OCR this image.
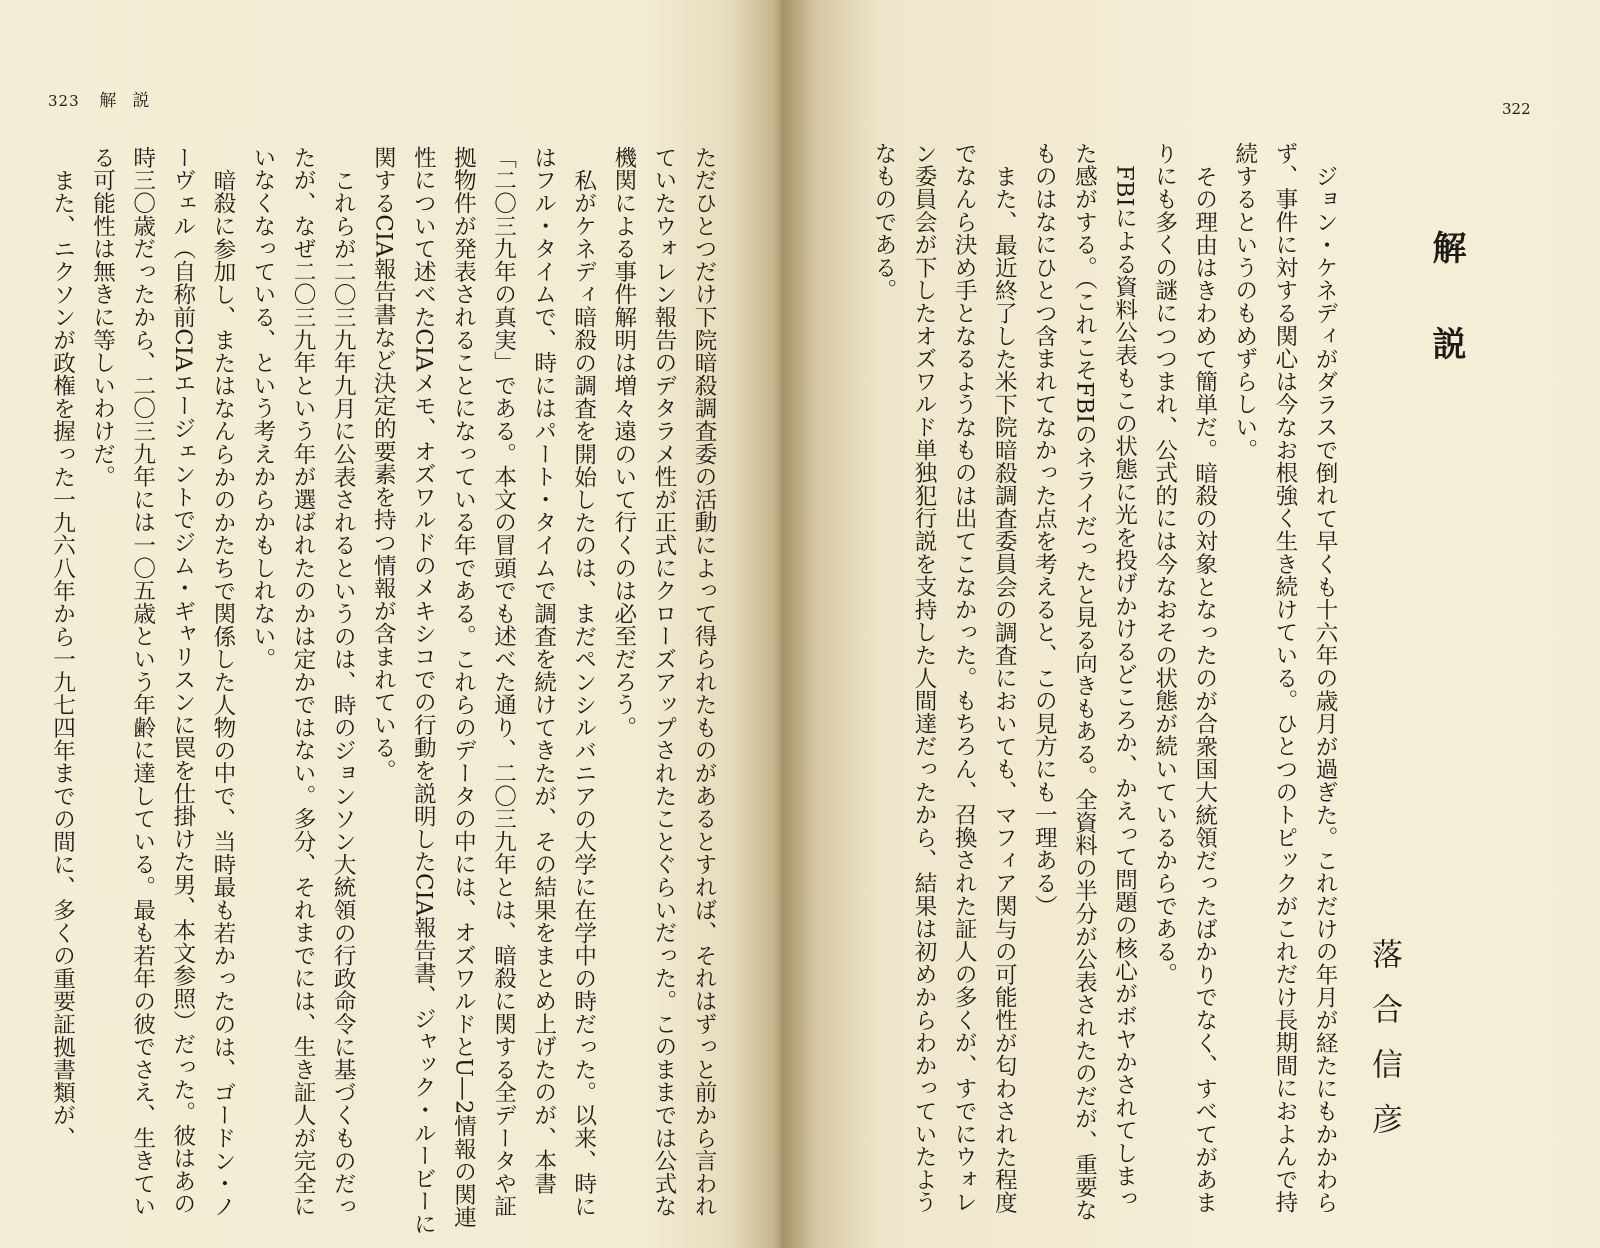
323 解説

ただひとつだけ下院暗殺調査委の活動によって得られたものがあるとすれば、それはずっと前から言われていたウォレン報告のデタラメ性が正式にクローズアップされたことぐらいだった。このままでは公式な機関による事件解明は増々遠のいて行くのは必至だろう。

私がケネディ暗殺の調査を開始したのは、まだペンシルバニアの大学に在学中の時だった。以来、時にはフル・タイムで、時にはパート・タイムで調査を続けてきたが、その結果をまとめ上げたのが、本書「二〇三九年の真実」である。本文の冒頭でも述べた通り、二〇三九年とは、暗殺に関する全データや証拠物件が発表されることになっている年である。これらのデータの中には、オズワルドとU―2情報の関連性について述べたCIAメモ、オズワルドのメキシコでの行動を説明したCIA報告書、ジャック・ルービーに関するCIA報告書など決定的要素を持つ情報が含まれている。

これらが二〇三九年九月に公表されるというのは、時のジョンソン大統領の行政命令に基づくものだったが、なぜ二〇三九年という年が選ばれたのかは定かではない。多分、それまでには、生き証人が完全にいなくなっている、という考えからかもしれない。

暗殺に参加し、またはなんらかのかたちで関係した人物の中で、当時最も若かったのは、ゴードン・ノーヴェル（自称前CIAエージェントでジム・ギャリスンに罠を仕掛けた男、本文参照）だった。彼はあの時三〇歳だったから、二〇三九年には一〇五歳という年齢に達している。最も若年の彼でさえ、生きている可能性は無きに等しいわけだ。

また、ニクソンが政権を握った一九六八年から一九七四年までの間に、多くの重要証拠書類が、

322
解説
落合信彦

ジョン・ケネディがダラスで倒れて早くも十六年の歳月が過ぎた。これだけの年月が経たにもかかわらず、事件に対する関心は今なお根強く生き続けている。ひとつのトピックがこれだけ長期間におよんで持続するというのもめずらしい。

その理由はきわめて簡単だ。暗殺の対象となったのが合衆国大統領だったばかりでなく、すべてがあまりにも多くの謎につつまれ、公式的には今なおその状態が続いているからである。

FBIによる資料公表もこの状態に光を投げかけるどころか、かえって問題の核心がボヤかされてしまった感がする。（これこそFBIのネライだったと見る向きもある。全資料の半分が公表されたのだが、重要なものはなにひとつ含まれてなかった点を考えると、この見方にも一理ある）

また、最近終了した米下院暗殺調査委員会の調査においても、マフィア関与の可能性が匂わされた程度でなんら決め手となるようなものは出てこなかった。もちろん、召換された証人の多くが、すでにウォレン委員会が下したオズワルド単独犯行説を支持した人間達だったから、結果は初めからわかっていたようなものである。
